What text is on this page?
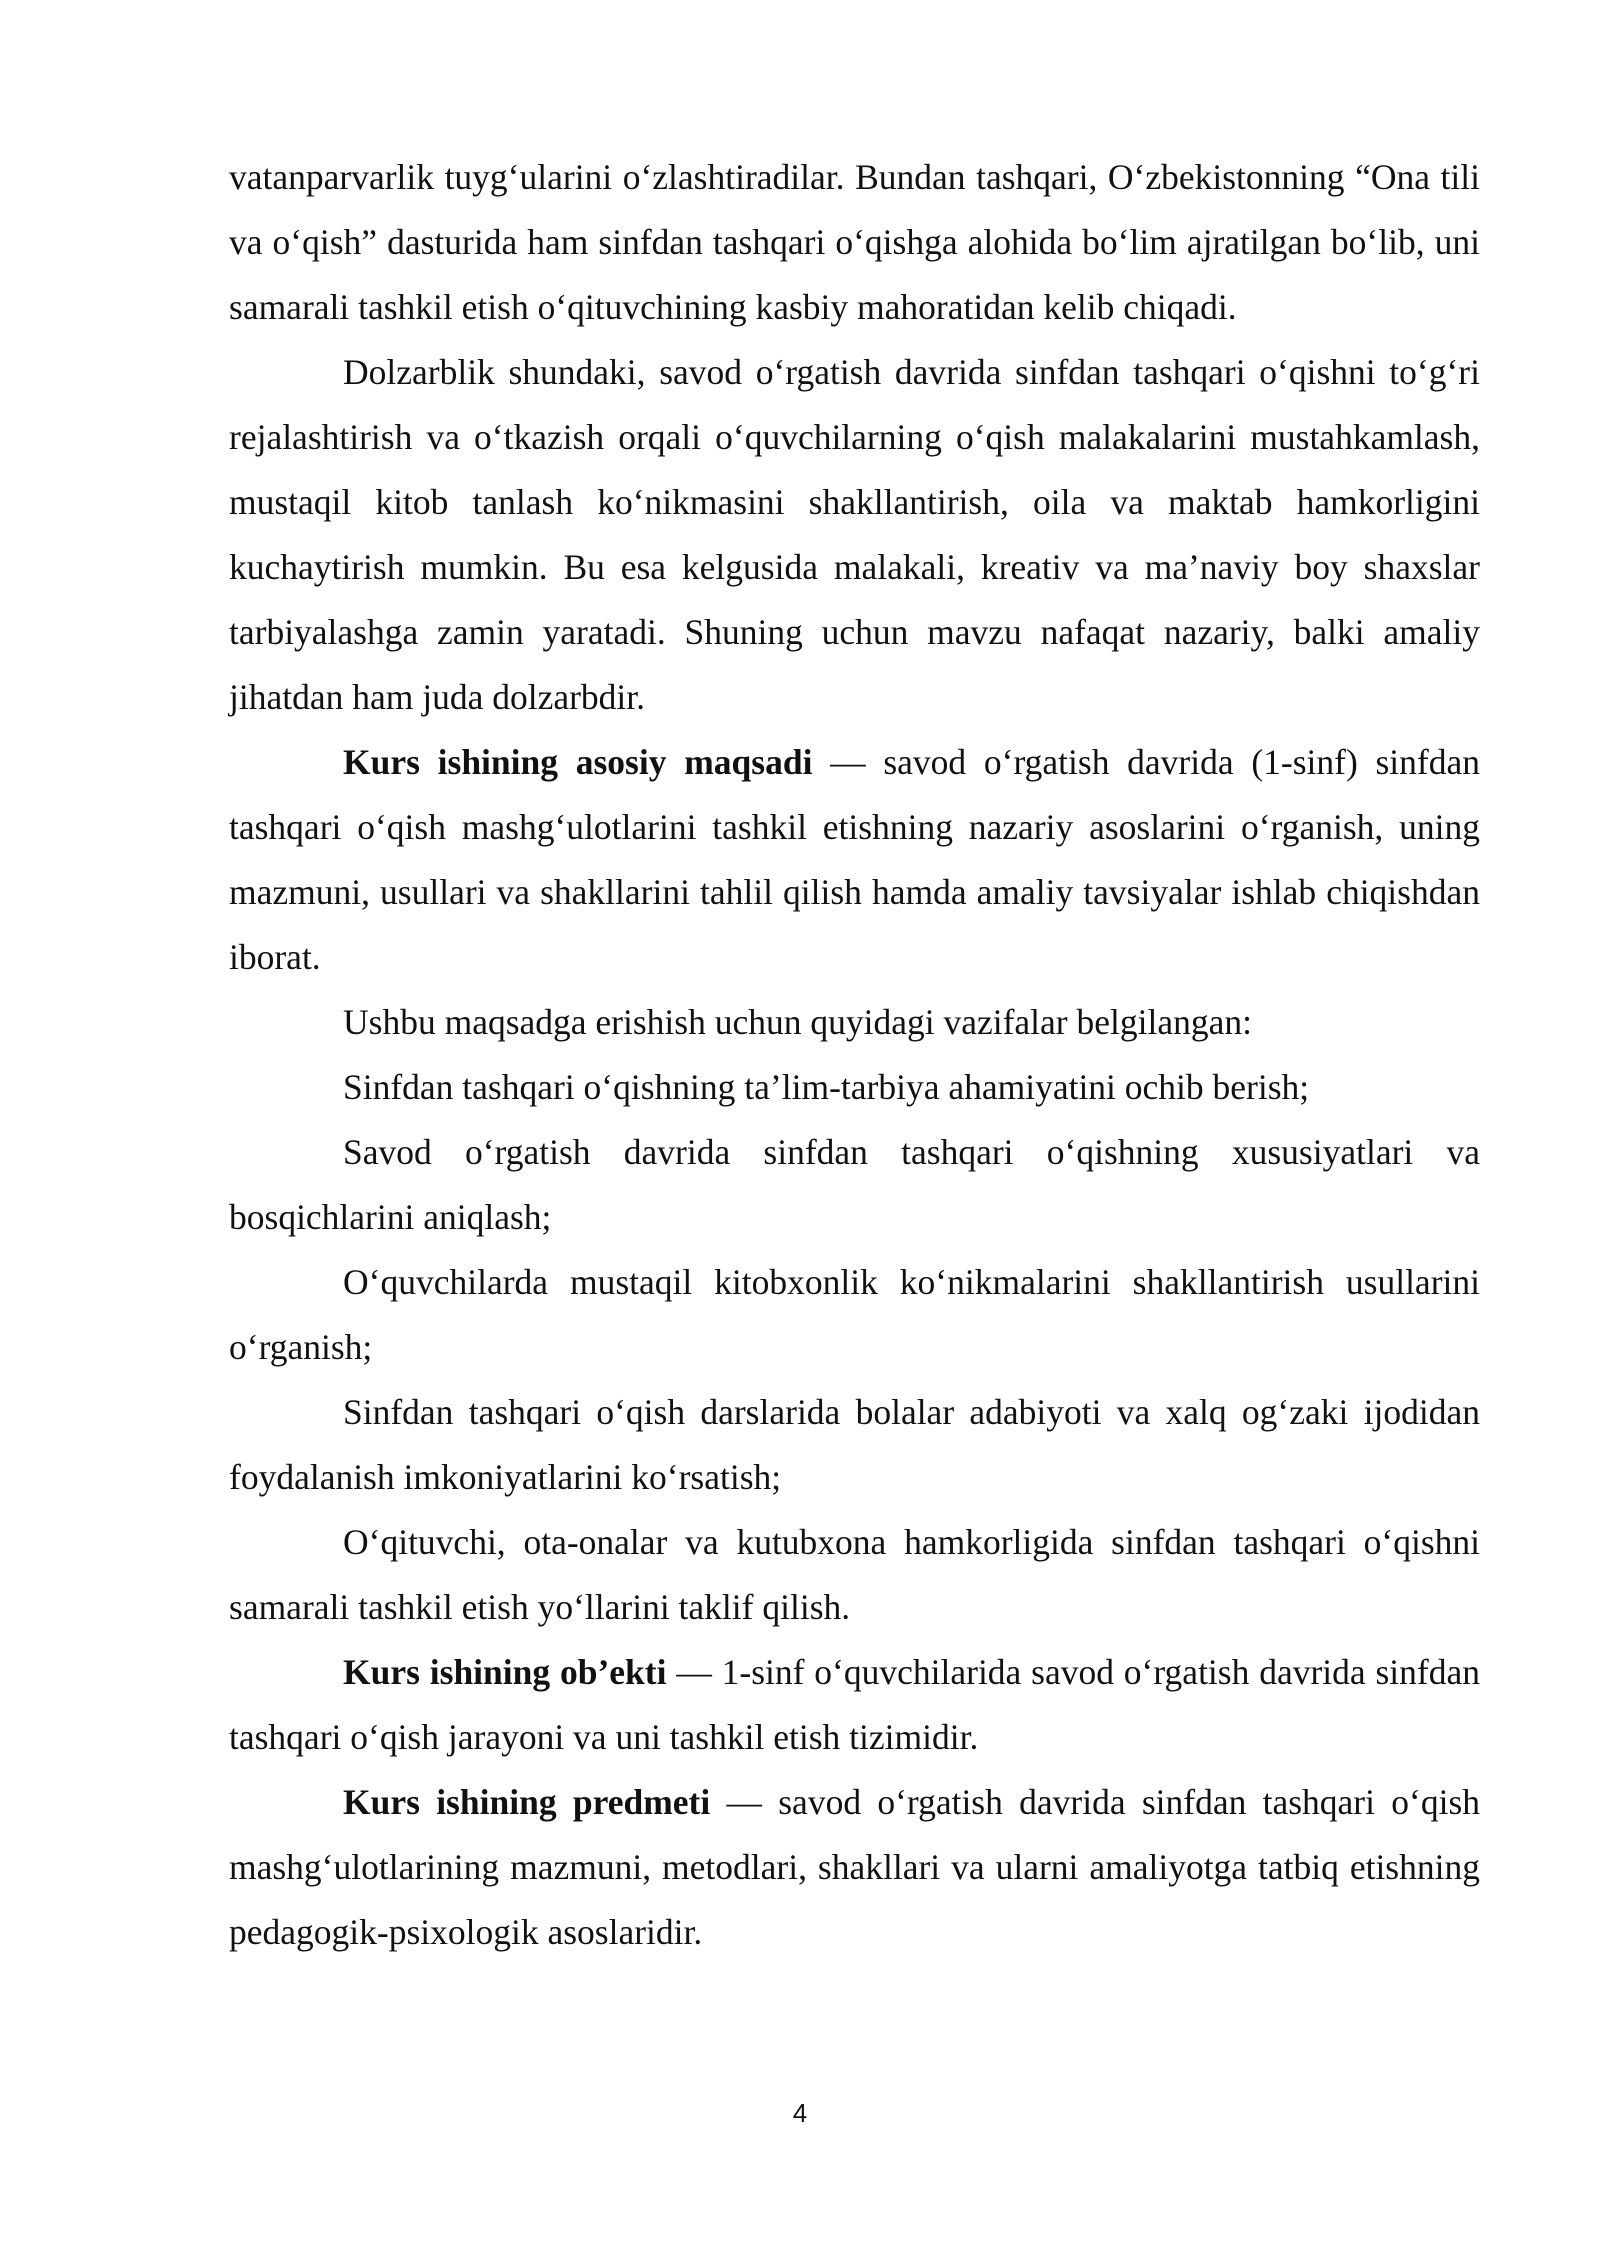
vatanparvarlik tuyg‘ularini o‘zlashtiradilar. Bundan tashqari, O‘zbekistonning “Ona tili va o‘qish” dasturida ham sinfdan tashqari o‘qishga alohida bo‘lim ajratilgan bo‘lib, uni samarali tashkil etish o‘qituvchining kasbiy mahoratidan kelib chiqadi.

Dolzarblik shundaki, savod o‘rgatish davrida sinfdan tashqari o‘qishni to‘g‘ri rejalashtirish va o‘tkazish orqali o‘quvchilarning o‘qish malakalarini mustahkamlash, mustaqil kitob tanlash ko‘nikmasini shakllantirish, oila va maktab hamkorligini kuchaytirish mumkin. Bu esa kelgusida malakali, kreativ va ma’naviy boy shaxslar tarbiyalashga zamin yaratadi. Shuning uchun mavzu nafaqat nazariy, balki amaliy jihatdan ham juda dolzarbdir.

Kurs ishining asosiy maqsadi — savod o‘rgatish davrida (1-sinf) sinfdan tashqari o‘qish mashg‘ulotlarini tashkil etishning nazariy asoslarini o‘rganish, uning mazmuni, usullari va shakllarini tahlil qilish hamda amaliy tavsiyalar ishlab chiqishdan iborat.

Ushbu maqsadga erishish uchun quyidagi vazifalar belgilangan:

Sinfdan tashqari o‘qishning ta’lim-tarbiya ahamiyatini ochib berish;

Savod o‘rgatish davrida sinfdan tashqari o‘qishning xususiyatlari va bosqichlarini aniqlash;

O‘quvchilarda mustaqil kitobxonlik ko‘nikmalarini shakllantirish usullarini o‘rganish;

Sinfdan tashqari o‘qish darslarida bolalar adabiyoti va xalq og‘zaki ijodidan foydalanish imkoniyatlarini ko‘rsatish;

O‘qituvchi, ota-onalar va kutubxona hamkorligida sinfdan tashqari o‘qishni samarali tashkil etish yo‘llarini taklif qilish.

Kurs ishining ob’ekti — 1-sinf o‘quvchilarida savod o‘rgatish davrida sinfdan tashqari o‘qish jarayoni va uni tashkil etish tizimidir.

Kurs ishining predmeti — savod o‘rgatish davrida sinfdan tashqari o‘qish mashg‘ulotlarining mazmuni, metodlari, shakllari va ularni amaliyotga tatbiq etishning pedagogik-psixologik asoslaridir.

4
